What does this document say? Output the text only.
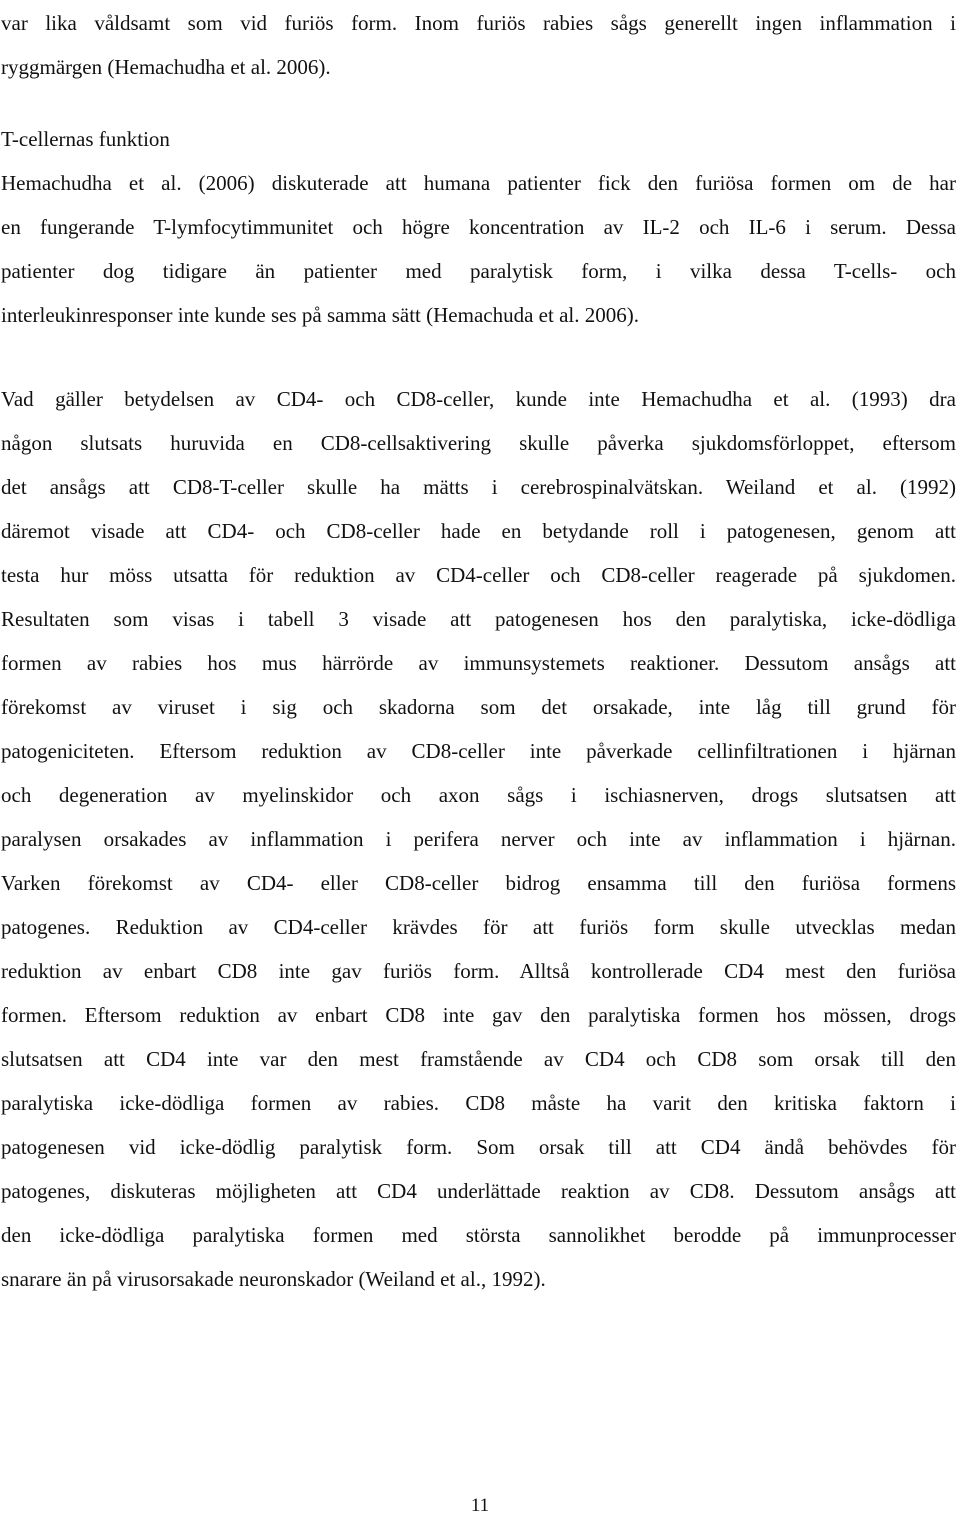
var lika våldsamt som vid furiös form. Inom furiös rabies sågs generellt ingen inflammation i
ryggmärgen (Hemachudha et al. 2006).
T-cellernas funktion
Hemachudha et al. (2006) diskuterade att humana patienter fick den furiösa formen om de har
en fungerande T-lymfocytimmunitet och högre koncentration av IL-2 och IL-6 i serum. Dessa
patienter dog tidigare än patienter med paralytisk form, i vilka dessa T-cells- och
interleukinresponser inte kunde ses på samma sätt (Hemachuda et al. 2006).
Vad gäller betydelsen av CD4- och CD8-celler, kunde inte Hemachudha et al. (1993) dra
någon slutsats huruvida en CD8-cellsaktivering skulle påverka sjukdomsförloppet, eftersom
det ansågs att CD8-T-celler skulle ha mätts i cerebrospinalvätskan. Weiland et al. (1992)
däremot visade att CD4- och CD8-celler hade en betydande roll i patogenesen, genom att
testa hur möss utsatta för reduktion av CD4-celler och CD8-celler reagerade på sjukdomen.
Resultaten som visas i tabell 3 visade att patogenesen hos den paralytiska, icke-dödliga
formen av rabies hos mus härrörde av immunsystemets reaktioner. Dessutom ansågs att
förekomst av viruset i sig och skadorna som det orsakade, inte låg till grund för
patogeniciteten. Eftersom reduktion av CD8-celler inte påverkade cellinfiltrationen i hjärnan
och degeneration av myelinskidor och axon sågs i ischiasnerven, drogs slutsatsen att
paralysen orsakades av inflammation i perifera nerver och inte av inflammation i hjärnan.
Varken förekomst av CD4- eller CD8-celler bidrog ensamma till den furiösa formens
patogenes. Reduktion av CD4-celler krävdes för att furiös form skulle utvecklas medan
reduktion av enbart CD8 inte gav furiös form. Alltså kontrollerade CD4 mest den furiösa
formen. Eftersom reduktion av enbart CD8 inte gav den paralytiska formen hos mössen, drogs
slutsatsen att CD4 inte var den mest framstående av CD4 och CD8 som orsak till den
paralytiska icke-dödliga formen av rabies. CD8 måste ha varit den kritiska faktorn i
patogenesen vid icke-dödlig paralytisk form. Som orsak till att CD4 ändå behövdes för
patogenes, diskuteras möjligheten att CD4 underlättade reaktion av CD8. Dessutom ansågs att
den icke-dödliga paralytiska formen med största sannolikhet berodde på immunprocesser
snarare än på virusorsakade neuronskador (Weiland et al., 1992).
11
